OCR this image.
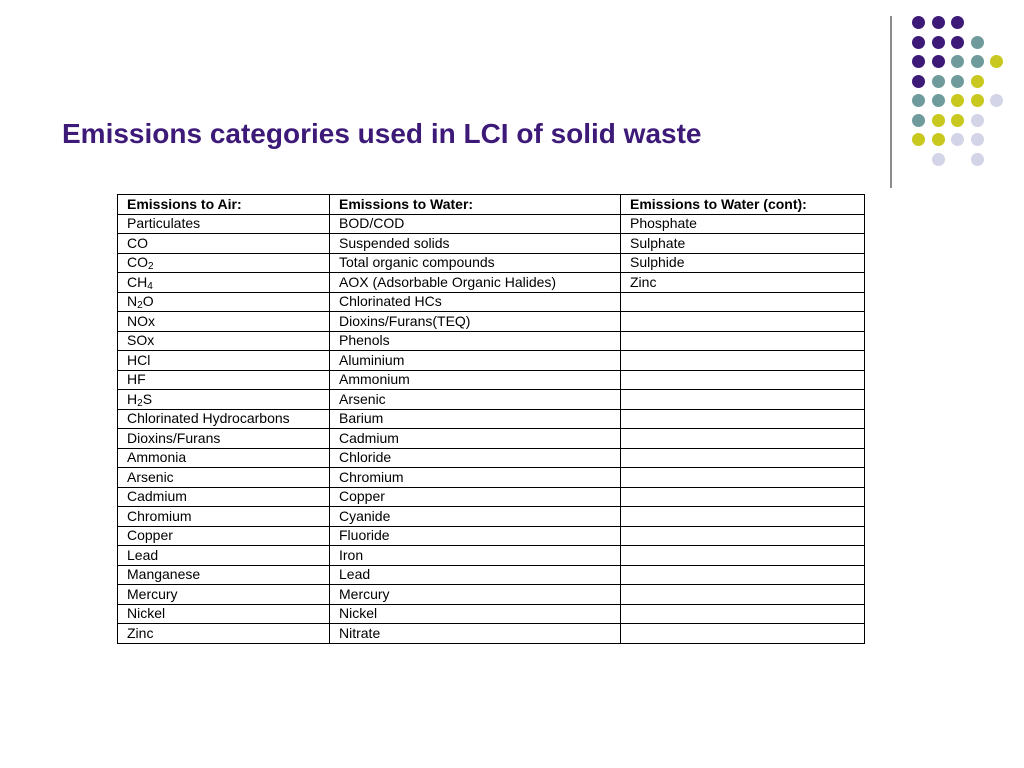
Emissions categories used in LCI of solid waste
Emissions to Air:	Emissions to Water:	Emissions to Water (cont):
Particulates	BOD/COD	Phosphate
CO	Suspended solids	Sulphate
$CO_2$	Total organic compounds	Sulphide
$CH_4$	AOX (Adsorbable Organic Halides)	Zinc
$N_2O$	Chlorinated HCs	
NOx	Dioxins/Furans(TEQ)	
SOx	Phenols	
HCl	Aluminium	
HF	Ammonium	
$H_2S$	Arsenic	
Chlorinated Hydrocarbons	Barium	
Dioxins/Furans	Cadmium	
Ammonia	Chloride	
Arsenic	Chromium	
Cadmium	Copper	
Chromium	Cyanide	
Copper	Fluoride	
Lead	Iron	
Manganese	Lead	
Mercury	Mercury	
Nickel	Nickel	
Zinc	Nitrate	
